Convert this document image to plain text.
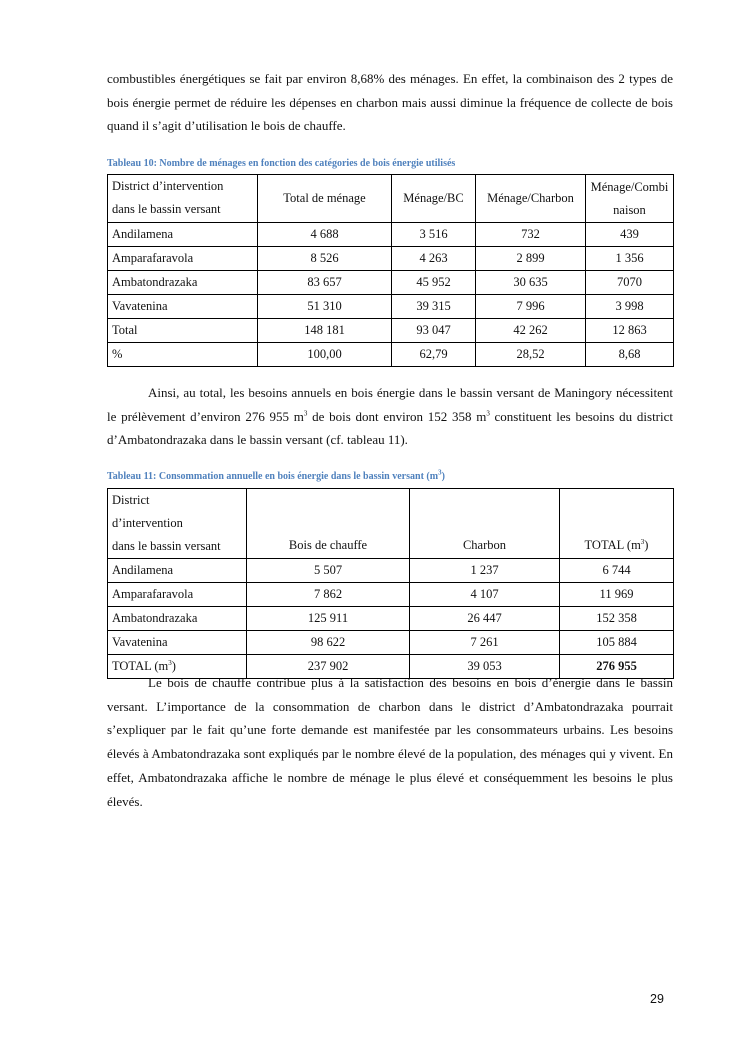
combustibles énergétiques se fait par environ 8,68% des ménages. En effet, la combinaison des 2 types de bois énergie permet de réduire les dépenses en charbon mais aussi diminue la fréquence de collecte de bois quand il s’agit d’utilisation le bois de chauffe.

Tableau 10: Nombre de ménages en fonction des catégories de bois énergie utilisés
District d’intervention
dans le bassin versant	Total de ménage	Ménage/BC	Ménage/Charbon	Ménage/Combi
naison

Andilamena	4 688	3 516	732	439
Amparafaravola	8 526	4 263	2 899	1 356
Ambatondrazaka	83 657	45 952	30 635	7070
Vavatenina	51 310	39 315	7 996	3 998
Total	148 181	93 047	42 262	12 863
%	100,00	62,79	28,52	8,68

Ainsi, au total, les besoins annuels en bois énergie dans le bassin versant de Maningory nécessitent le prélèvement d’environ 276 955 $m^3$ de bois dont environ 152 358 $m^3$ constituent les besoins du district d’Ambatondrazaka dans le bassin versant (cf. tableau 11).

Tableau 11: Consommation annuelle en bois énergie dans le bassin versant $(m^3)$
District
d’intervention
dans le bassin versant	Bois de chauffe	Charbon	TOTAL $(m^3)$
Andilamena	5 507	1 237	6 744
Amparafaravola	7 862	4 107	11 969
Ambatondrazaka	125 911	26 447	152 358
Vavatenina	98 622	7 261	105 884
TOTAL $(m^3)$	237 902	39 053	276 955

Le bois de chauffe contribue plus à la satisfaction des besoins en bois d’énergie dans le bassin versant. L’importance de la consommation de charbon dans le district d’Ambatondrazaka pourrait s’expliquer par le fait qu’une forte demande est manifestée par les consommateurs urbains. Les besoins élevés à Ambatondrazaka sont expliqués par le nombre élevé de la population, des ménages qui y vivent. En effet, Ambatondrazaka affiche le nombre de ménage le plus élevé et conséquemment les besoins le plus élevés.

29
